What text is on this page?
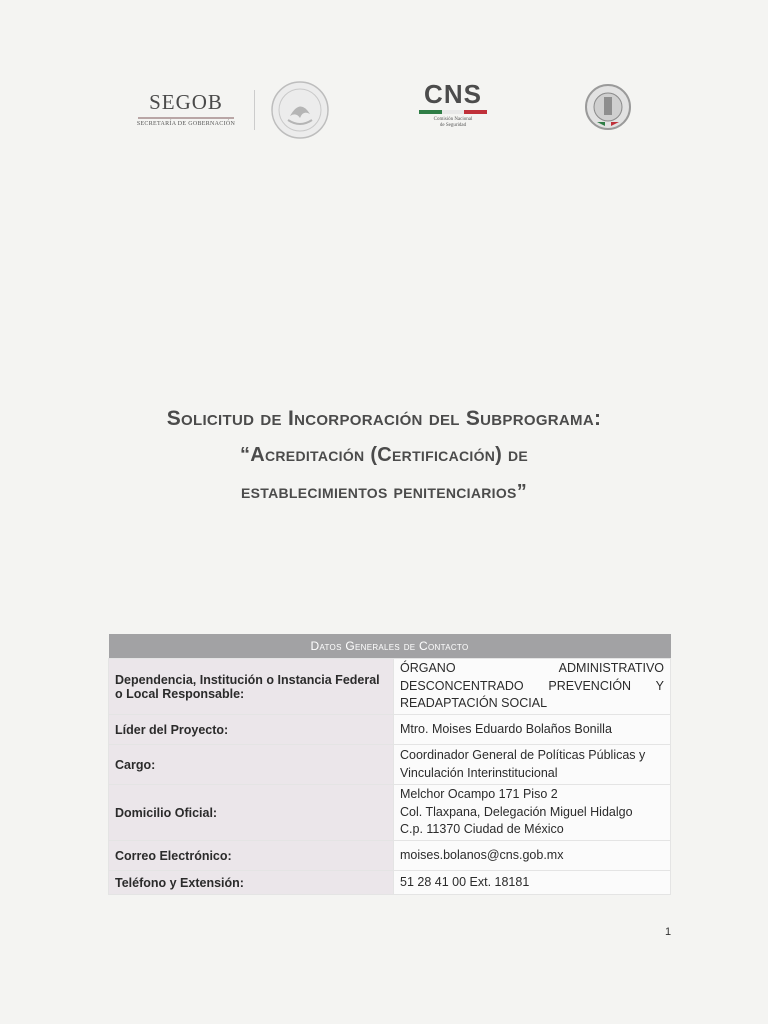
SEGOB
SECRETARÍA DE GOBERNACIÓN
CNS
Comisión Nacional
de Seguridad
Solicitud de Incorporación del Subprograma:
“Acreditación (Certificación) de
establecimientos penitenciarios”
Datos Generales de Contacto	
Dependencia, Institución o Instancia Federal o Local Responsable:	ÓRGANO ADMINISTRATIVO
DESCONCENTRADO PREVENCIÓN Y
READAPTACIÓN SOCIAL

Líder del Proyecto:	Mtro. Moises Eduardo Bolaños Bonilla

Cargo:	Coordinador General de Políticas Públicas y
Vinculación Interinstitucional

Domicilio Oficial:	Melchor Ocampo 171 Piso 2
Col. Tlaxpana, Delegación Miguel Hidalgo
C.p. 11370 Ciudad de México

Correo Electrónico:	moises.bolanos@cns.gob.mx

Teléfono y Extensión:	51 28 41 00 Ext. 18181
1
